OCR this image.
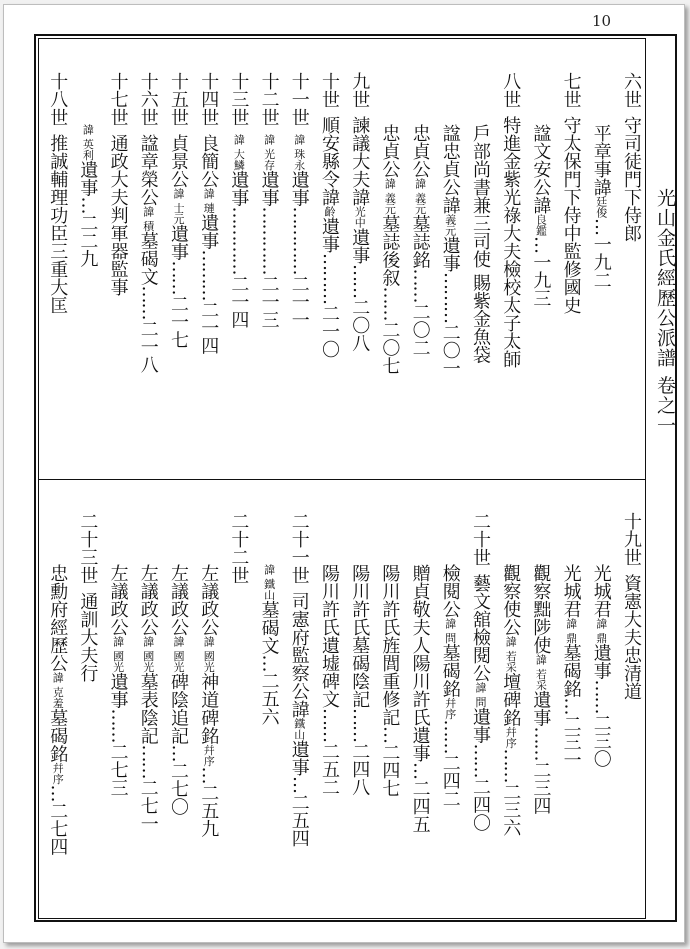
10
光山金氏經歷公派譜 卷之一
六世守司徒門下侍郎
平章事諱廷俊…一九二
七世守太保門下侍中監修國史
諡文安公諱良鑑…一九三
八世特進金紫光祿大夫檢校太子太師
戶部尚書兼三司使 賜紫金魚袋
諡忠貞公諱義元遺事………二〇一
忠貞公諱 義元墓誌銘……二〇二
忠貞公諱 義元墓誌後叙……二〇七
九世諫議大夫諱光中遺事……二〇八
十世順安縣令諱齡遺事………二一〇
十一世諱 珠永遺事…………二一一
十二世諱 光存遺事…………二一三
十三世諱 大鱗遺事…………二一四
十四世良簡公諱 璉遺事………二一四
十五世貞景公諱 士元遺事……二一七
十六世諡章榮公諱 積墓碣文……二一八
十七世通政大夫判軍器監事
諱 英利遺事…二二九
十八世推誠輔理功臣三重大匡
十九世資憲大夫忠清道
光城君諱 鼎遺事……二三〇
光城君諱 鼎墓碣銘…二三一
觀察黜陟使諱 若采遺事……二三四
觀察使公諱 若采壇碑銘幷序……二三六
二十世藝文舘檢閱公諱 問遺事……二四〇
檢閱公諱 問墓碣銘幷序……二四二
贈貞敬夫人陽川許氏遺事…二四五
陽川許氏旌閭重修記…二四七
陽川許氏墓碣陰記……二四八
陽川許氏遺墟碑文……二五二
二十一世司憲府監察公諱鐵山遺事…二五四
諱 鐵山墓碣文…二五六
二十二世
左議政公諱 國光神道碑銘幷序…二五九
左議政公諱 國光碑陰追記…二七〇
左議政公諱 國光墓表陰記……二七一
左議政公諱 國光遺事……二七三
二十三世通訓大夫行
忠勳府經歷公諱 克羞墓碣銘幷序…二七四
